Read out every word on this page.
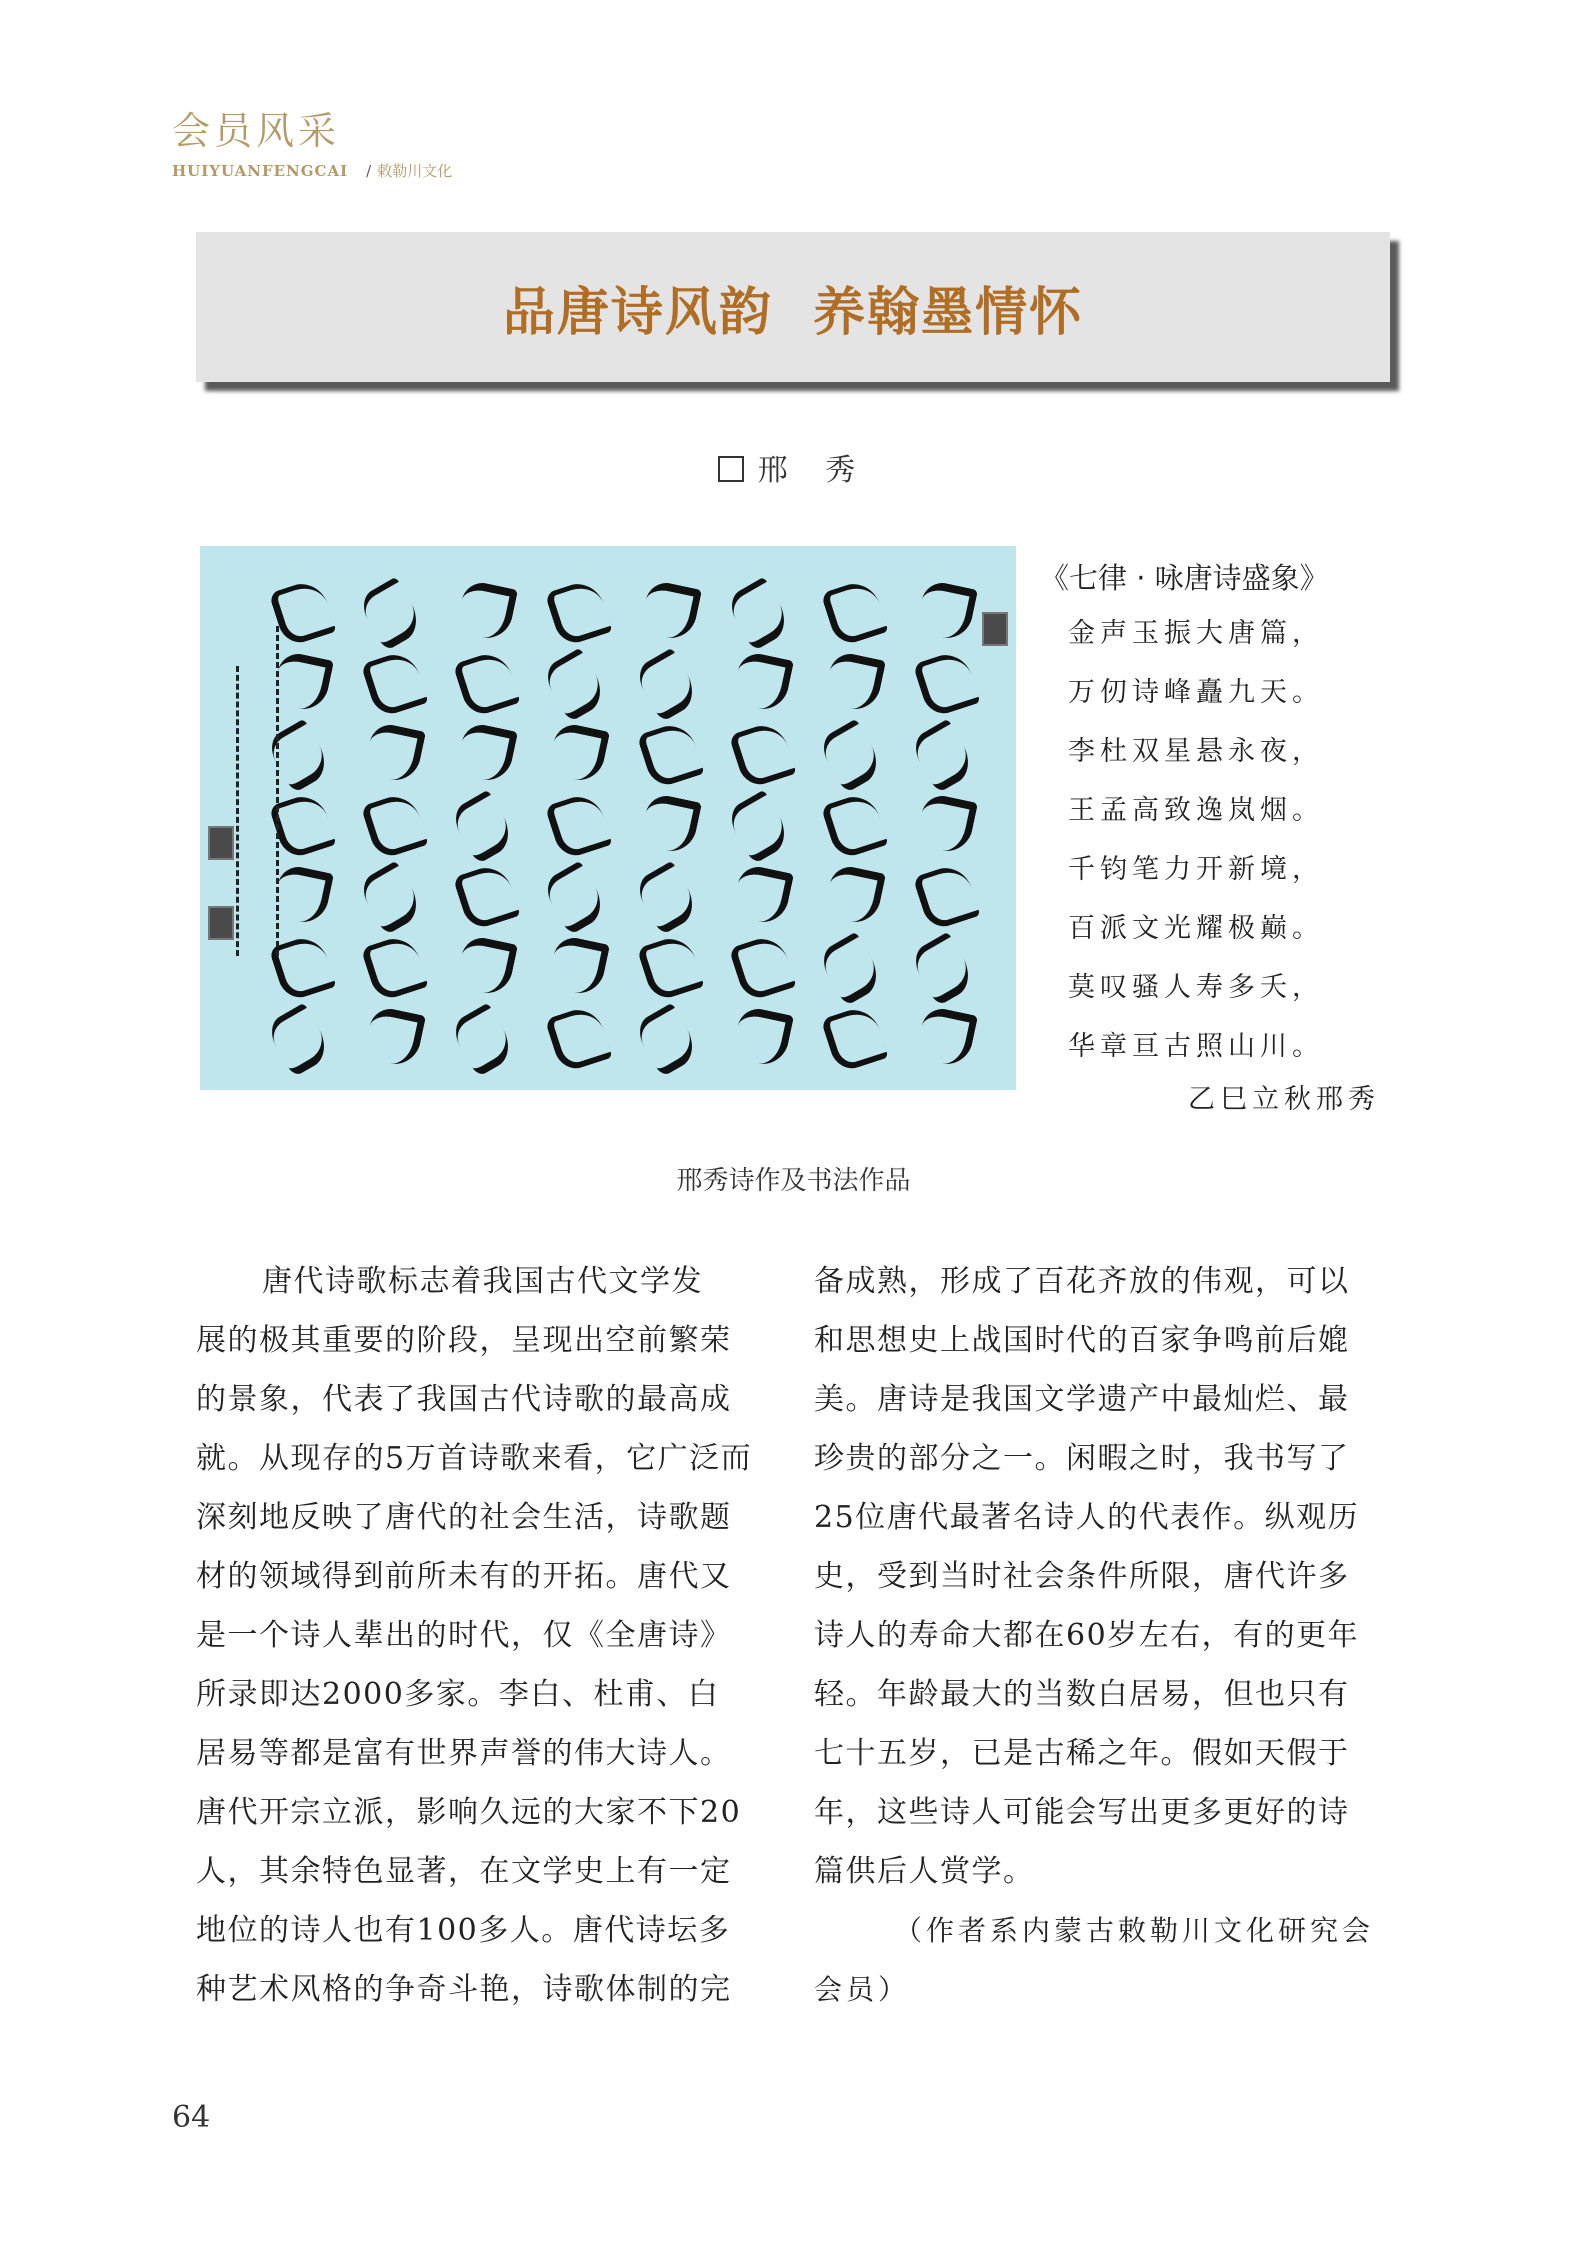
会员风采
HUIYUANFENGCAI / 敕勒川文化
品唐诗风韵  养翰墨情怀
邢 秀
《七律 · 咏唐诗盛象》
金声玉振大唐篇，
万仞诗峰矗九天。
李杜双星悬永夜，
王孟高致逸岚烟。
千钧笔力开新境，
百派文光耀极巅。
莫叹骚人寿多夭，
华章亘古照山川。
乙巳立秋邢秀
邢秀诗作及书法作品
唐代诗歌标志着我国古代文学发
展的极其重要的阶段，呈现出空前繁荣
的景象，代表了我国古代诗歌的最高成
就。从现存的5万首诗歌来看，它广泛而
深刻地反映了唐代的社会生活，诗歌题
材的领域得到前所未有的开拓。唐代又
是一个诗人辈出的时代，仅《全唐诗》
所录即达2000多家。李白、杜甫、白
居易等都是富有世界声誉的伟大诗人。
唐代开宗立派，影响久远的大家不下20
人，其余特色显著，在文学史上有一定
地位的诗人也有100多人。唐代诗坛多
种艺术风格的争奇斗艳，诗歌体制的完
备成熟，形成了百花齐放的伟观，可以
和思想史上战国时代的百家争鸣前后媲
美。唐诗是我国文学遗产中最灿烂、最
珍贵的部分之一。闲暇之时，我书写了
25位唐代最著名诗人的代表作。纵观历
史，受到当时社会条件所限，唐代许多
诗人的寿命大都在60岁左右，有的更年
轻。年龄最大的当数白居易，但也只有
七十五岁，已是古稀之年。假如天假于
年，这些诗人可能会写出更多更好的诗
篇供后人赏学。
（作者系内蒙古敕勒川文化研究会
会员）
64
